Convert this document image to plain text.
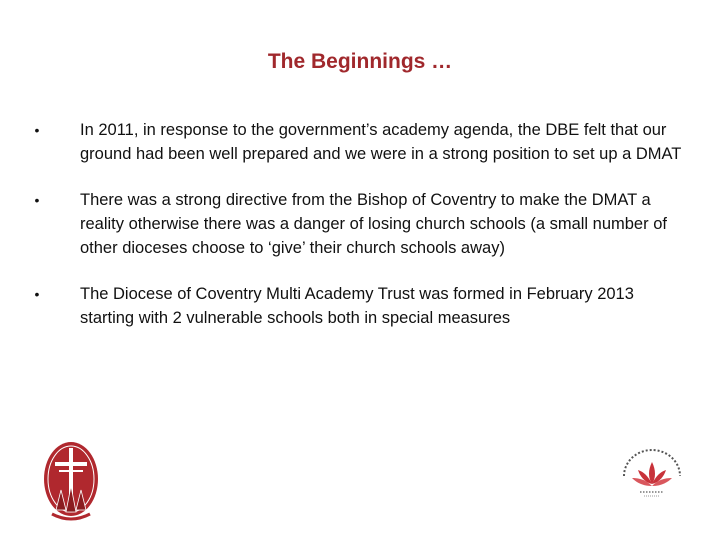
The Beginnings …
• In 2011, in response to the government’s academy agenda, the DBE felt that our ground had been well prepared and we were in a strong position to set up a DMAT
• There was a strong directive from the Bishop of Coventry to make the DMAT a reality otherwise there was a danger of losing church schools (a small number of other dioceses choose to ‘give’ their church schools away)
• The Diocese of Coventry Multi Academy Trust was formed in February 2013 starting with 2 vulnerable schools both in special measures
